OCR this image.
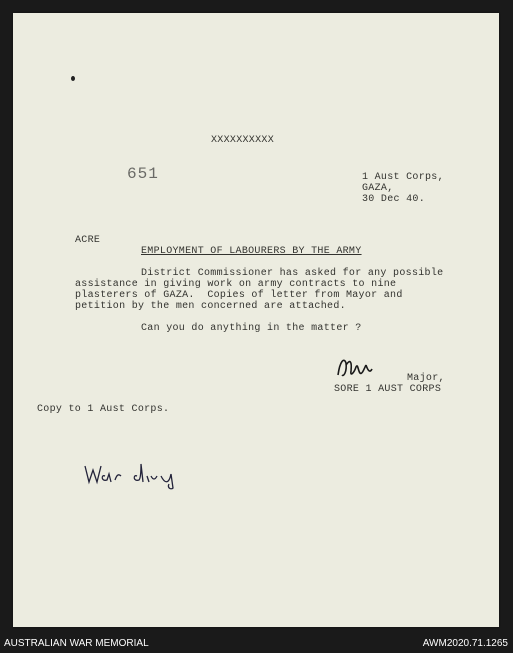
XXXXXXXXXX
651	1 Aust Corps,
GAZA,
30 Dec 40.
ACRE
EMPLOYMENT OF LABOURERS BY THE ARMY
District Commissioner has asked for any possible
assistance in giving work on army contracts to nine
plasterers of GAZA.  Copies of letter from Mayor and
petition by the men concerned are attached.
Can you do anything in the matter ?
Major,
SORE 1 AUST CORPS
Copy to 1 Aust Corps.
AUSTRALIAN WAR MEMORIAL	AWM2020.71.1265
